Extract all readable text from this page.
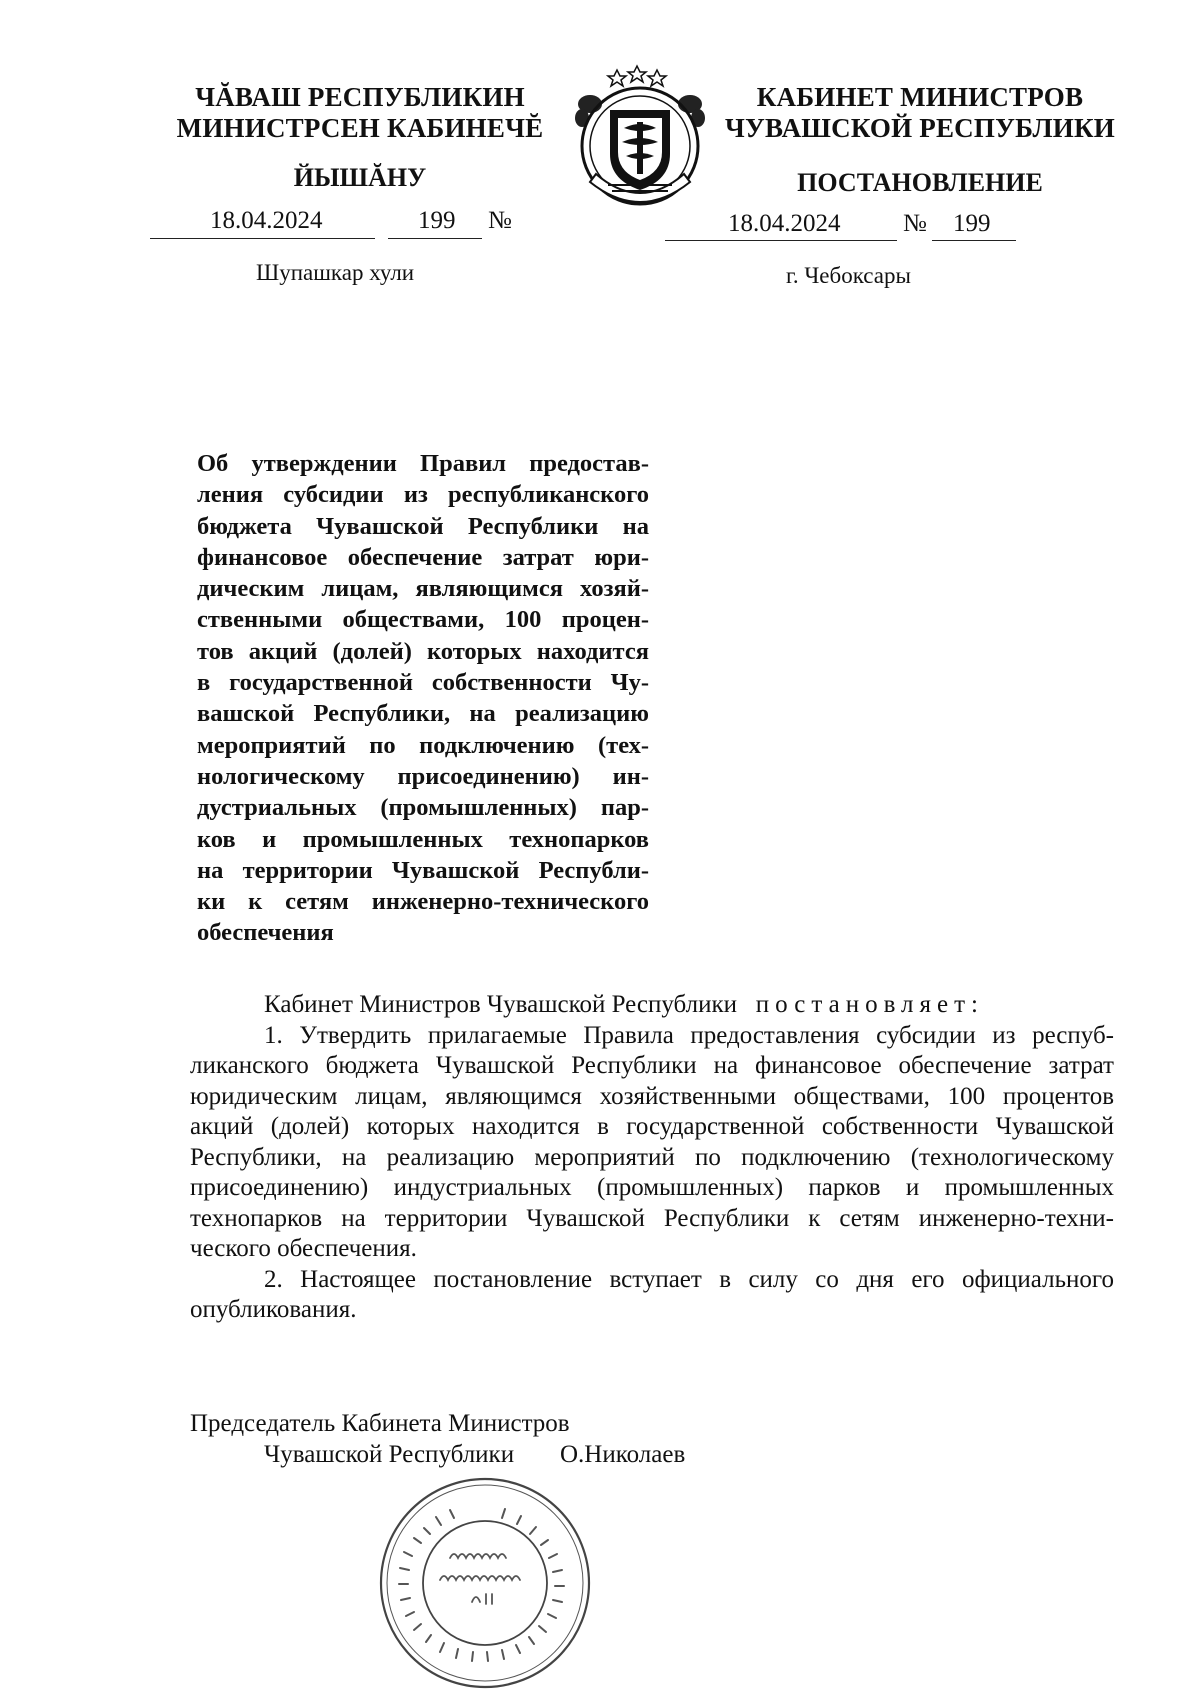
ЧĂВАШ РЕСПУБЛИКИН
МИНИСТРСЕН КАБИНЕЧĔ
ЙЫШĂНУ
КАБИНЕТ МИНИСТРОВ
ЧУВАШСКОЙ РЕСПУБЛИКИ
ПОСТАНОВЛЕНИЕ
18.04.2024	199 №	18.04.2024	№ 199
Шупашкар хули	г. Чебоксары
Об утверждении Правил предостав-
ления субсидии из республиканского
бюджета Чувашской Республики на
финансовое обеспечение затрат юри-
дическим лицам, являющимся хозяй-
ственными обществами, 100 процен-
тов акций (долей) которых находится
в государственной собственности Чу-
вашской Республики, на реализацию
мероприятий по подключению (тех-
нологическому присоединению) ин-
дустриальных (промышленных) пар-
ков и промышленных технопарков
на территории Чувашской Республи-
ки к сетям инженерно-технического
обеспечения
Кабинет Министров Чувашской Республики постановляет:
1. Утвердить прилагаемые Правила предоставления субсидии из респуб-
ликанского бюджета Чувашской Республики на финансовое обеспечение затрат
юридическим лицам, являющимся хозяйственными обществами, 100 процентов
акций (долей) которых находится в государственной собственности Чувашской
Республики, на реализацию мероприятий по подключению (технологическому
присоединению) индустриальных (промышленных) парков и промышленных
технопарков на территории Чувашской Республики к сетям инженерно-техни-
ческого обеспечения.
2. Настоящее постановление вступает в силу со дня его официального
опубликования.
Председатель Кабинета Министров
Чувашской Республики О.Николаев
